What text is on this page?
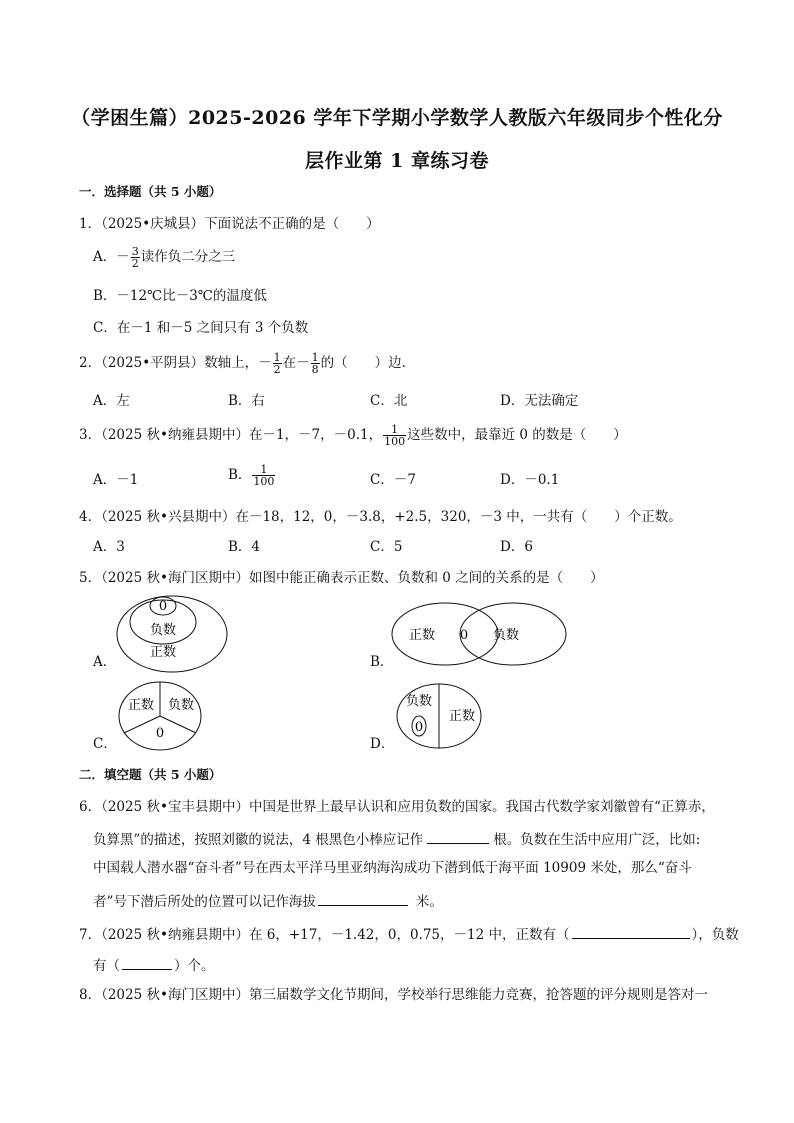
（学困生篇）2025-2026 学年下学期小学数学人教版六年级同步个性化分
层作业第 1 章练习卷
一．选择题（共 5 小题）
1．（2025•庆城县）下面说法不正确的是（　　）
A．－ $\frac{3}{2}$ 读作负二分之三
B．－12℃比－3℃的温度低
C．在－1 和－5 之间只有 3 个负数
2．（2025•平阴县）数轴上，－ $\frac{1}{2}$ 在－ $\frac{1}{8}$ 的（　　）边．
A．左	B．右	C．北	D．无法确定
3．（2025 秋•纳雍县期中）在－1，－7，－0.1， $\frac{1}{100}$ 这些数中，最靠近 0 的数是（　　）
A．－1	B． $\frac{1}{100}$	C．－7	D．－0.1
4．（2025 秋•兴县期中）在－18，12，0，－3.8，+2.5，320，－3 中，一共有（　　）个正数。
A．3	B．4	C．5	D．6
5．（2025 秋•海门区期中）如图中能正确表示正数、负数和 0 之间的关系的是（　　）
0
负数
正数
A．
正数 0 负数
B．
正数 负数
0
C．
负数
0
正数
D．
二．填空题（共 5 小题）
6．（2025 秋•宝丰县期中）中国是世界上最早认识和应用负数的国家。我国古代数学家刘徽曾有“正算赤，
负算黑”的描述，按照刘徽的说法，4 根黑色小棒应记作	根。负数在生活中应用广泛，比如:
中国载人潜水器“奋斗者”号在西太平洋马里亚纳海沟成功下潜到低于海平面 10909 米处，那么“奋斗
者”号下潜后所处的位置可以记作海拔	米。
7．（2025 秋•纳雍县期中）在 6，+17，－1.42，0，0.75，－12 中，正数有（	），负数
有（	）个。
8．（2025 秋•海门区期中）第三届数学文化节期间，学校举行思维能力竞赛，抢答题的评分规则是答对一
